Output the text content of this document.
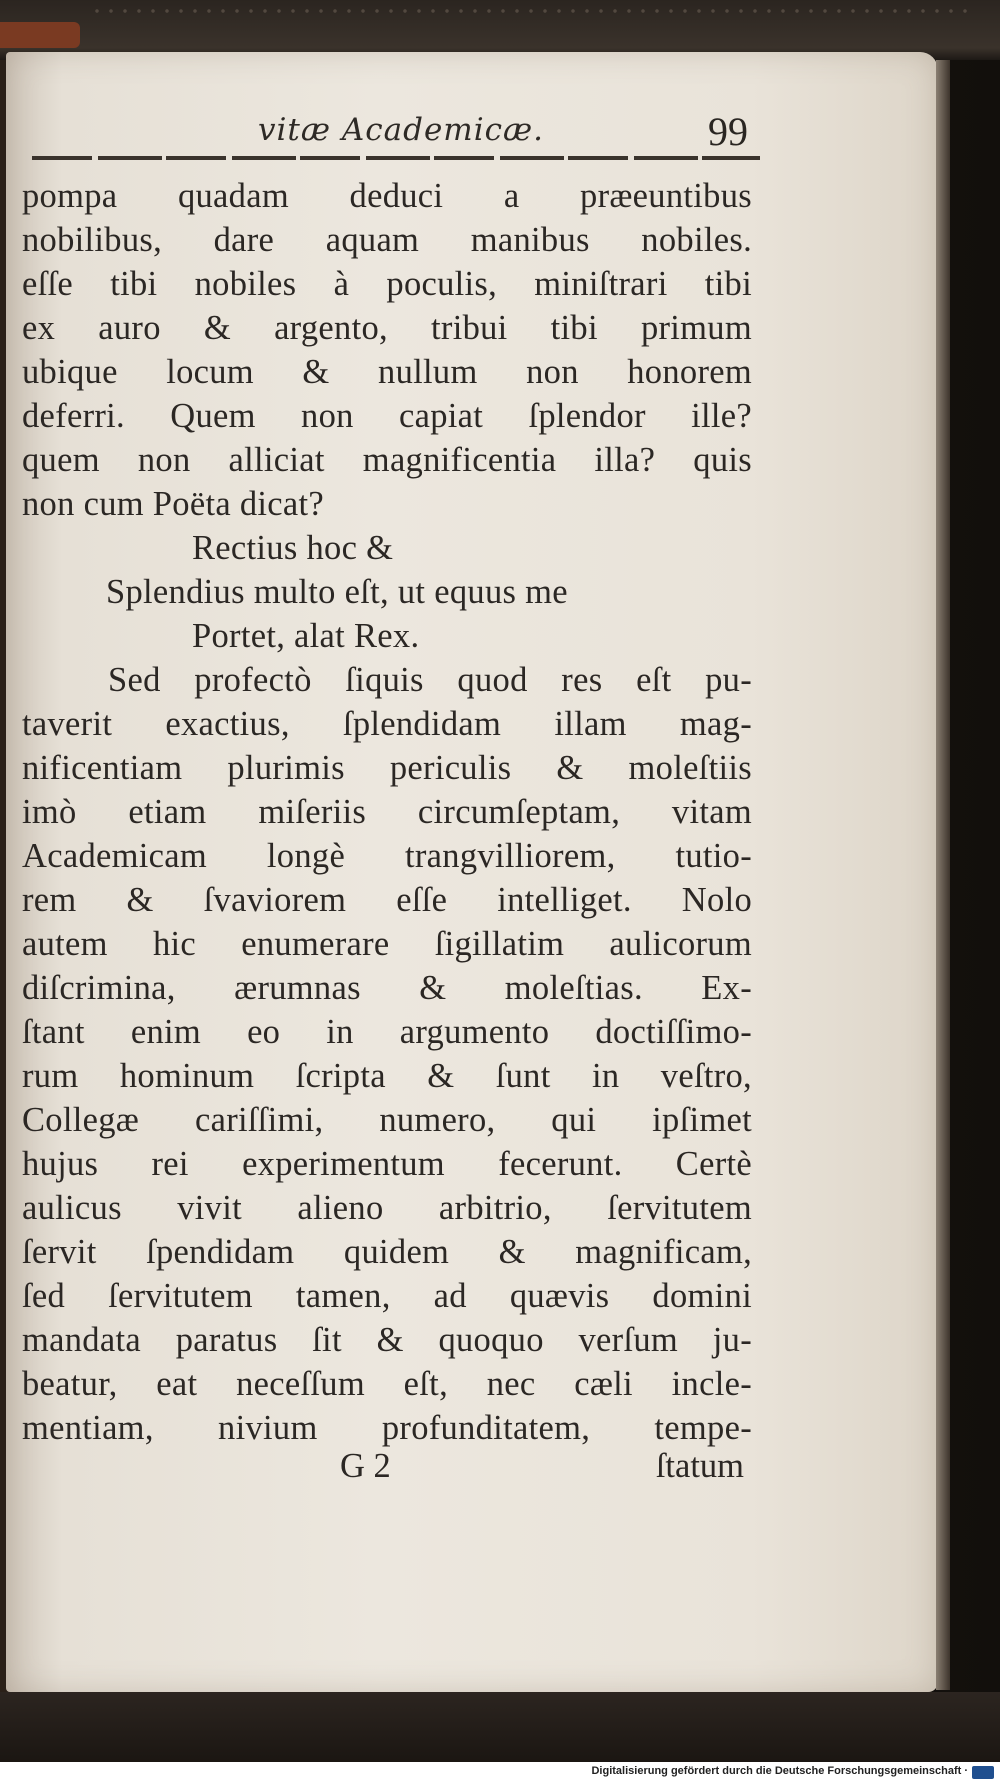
vitæ Academicæ.	99
pompa quadam deduci a præeuntibus
nobilibus, dare aquam manibus nobiles.
eſſe tibi nobiles à poculis, miniſtrari tibi
ex auro & argento, tribui tibi primum
ubique locum & nullum non honorem
deferri. Quem non capiat ſplendor ille?
quem non alliciat magnificentia illa? quis
non cum Poëta dicat?
Rectius hoc &
Splendius multo eſt, ut equus me
Portet, alat Rex.
Sed profectò ſiquis quod res eſt pu-
taverit exactius, ſplendidam illam mag-
nificentiam plurimis periculis & moleſtiis
imò etiam miſeriis circumſeptam, vitam
Academicam longè trangvilliorem, tutio-
rem & ſvaviorem eſſe intelliget. Nolo
autem hic enumerare ſigillatim aulicorum
diſcrimina, ærumnas & moleſtias. Ex-
ſtant enim eo in argumento doctiſſimo-
rum hominum ſcripta & ſunt in veſtro,
Collegæ cariſſimi, numero, qui ipſimet
hujus rei experimentum fecerunt. Certè
aulicus vivit alieno arbitrio, ſervitutem
ſervit ſpendidam quidem & magnificam,
ſed ſervitutem tamen, ad quævis domini
mandata paratus ſit & quoquo verſum ju-
beatur, eat neceſſum eſt, nec cæli incle-
mentiam, nivium profunditatem, tempe-
G 2	ſtatum
Digitalisierung gefördert durch die Deutsche Forschungsgemeinschaft ·
